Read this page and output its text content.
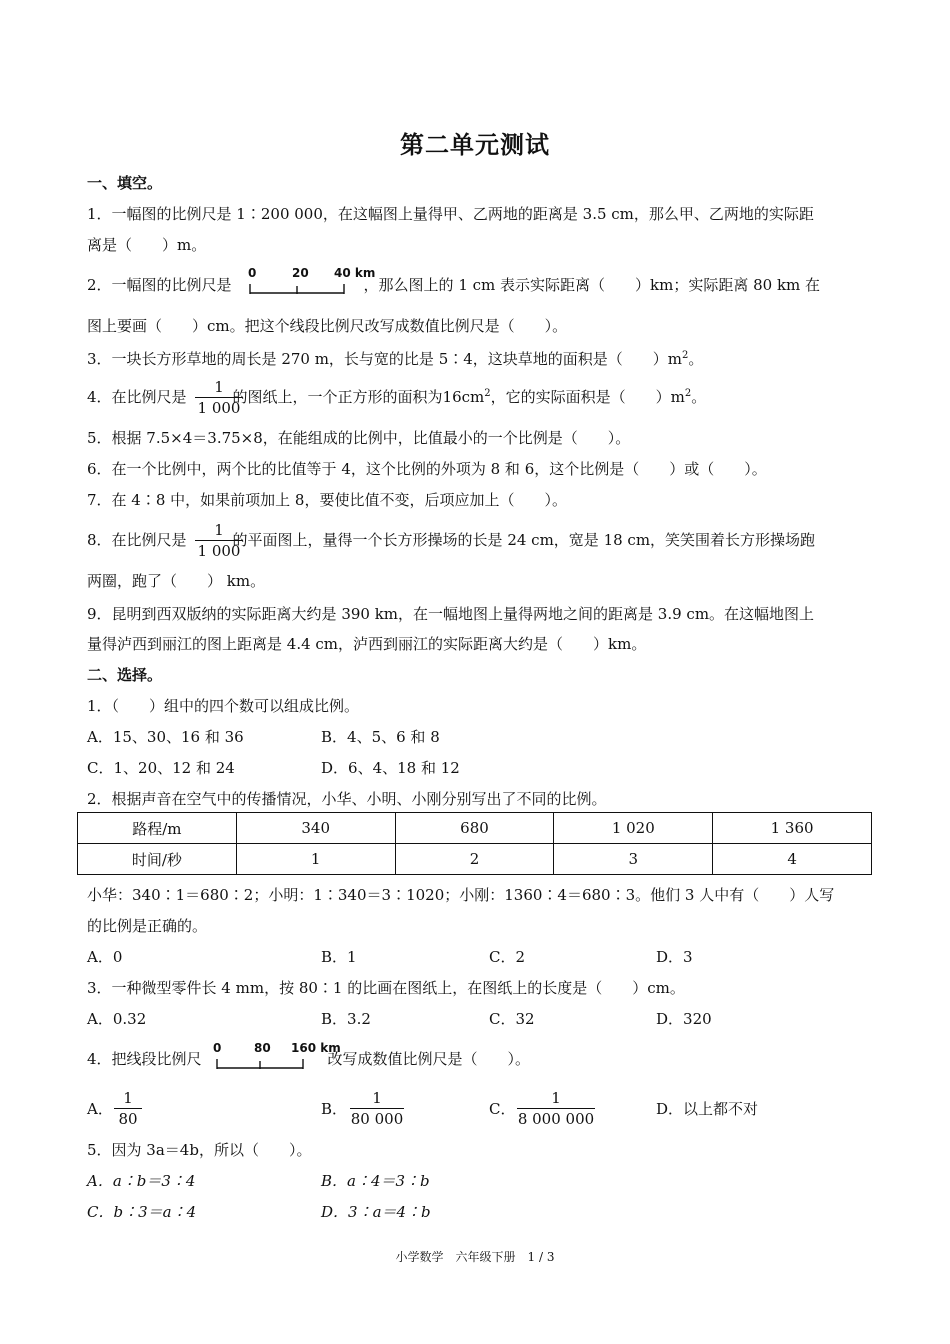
第二单元测试
一、填空。
1．一幅图的比例尺是 1∶200 000，在这幅图上量得甲、乙两地的距离是 3.5 cm，那么甲、乙两地的实际距
离是（　　）m。
2．一幅图的比例尺是	，那么图上的 1 cm 表示实际距离（　　）km；实际距离 80 km 在
0	20 40 km
图上要画（　　）cm。把这个线段比例尺改写成数值比例尺是（　　）。
3．一块长方形草地的周长是 270 m，长与宽的比是 5∶4，这块草地的面积是（　　）$m^2$。
4．在比例尺是	的图纸上，一个正方形的面积为$16cm^2$，它的实际面积是（　　）$m^2$。
1
1 000
5．根据 7.5×4＝3.75×8，在能组成的比例中，比值最小的一个比例是（　　）。
6．在一个比例中，两个比的比值等于 4，这个比例的外项为 8 和 6，这个比例是（　　）或（　　）。
7．在 4∶8 中，如果前项加上 8，要使比值不变，后项应加上（　　）。
8．在比例尺是	的平面图上，量得一个长方形操场的长是 24 cm，宽是 18 cm，笑笑围着长方形操场跑
1
1 000
两圈，跑了（　　） km。
9．昆明到西双版纳的实际距离大约是 390 km，在一幅地图上量得两地之间的距离是 3.9 cm。在这幅地图上
量得泸西到丽江的图上距离是 4.4 cm，泸西到丽江的实际距离大约是（　　）km。
二、选择。
1．（　　）组中的四个数可以组成比例。
A．15、30、16 和 36	B．4、5、6 和 8
C．1、20、12 和 24	D．6、4、18 和 12
2．根据声音在空气中的传播情况，小华、小明、小刚分别写出了不同的比例。
路程/m	340	680	1 020	1 360
时间/秒	1	2	3	4
小华：340∶1＝680∶2；小明：1∶340＝3∶1020；小刚：1360∶4＝680∶3。他们 3 人中有（　　）人写
的比例是正确的。
A．0	B．1	C．2	D．3
3．一种微型零件长 4 mm，按 80∶1 的比画在图纸上，在图纸上的长度是（　　）cm。
A．0.32	B．3.2	C．32	D．320
4．把线段比例尺	改写成数值比例尺是（　　）。
0	80 160 km
A．
1
80
B．
1
80 000
C．
1
8 000 000
D．以上都不对
5．因为 3a＝4b，所以（　　）。
A．a∶b＝3∶4	B．a∶4＝3∶b
C．b∶3＝a∶4	D．3∶a＝4∶b
小学数学　六年级下册　1 / 3
